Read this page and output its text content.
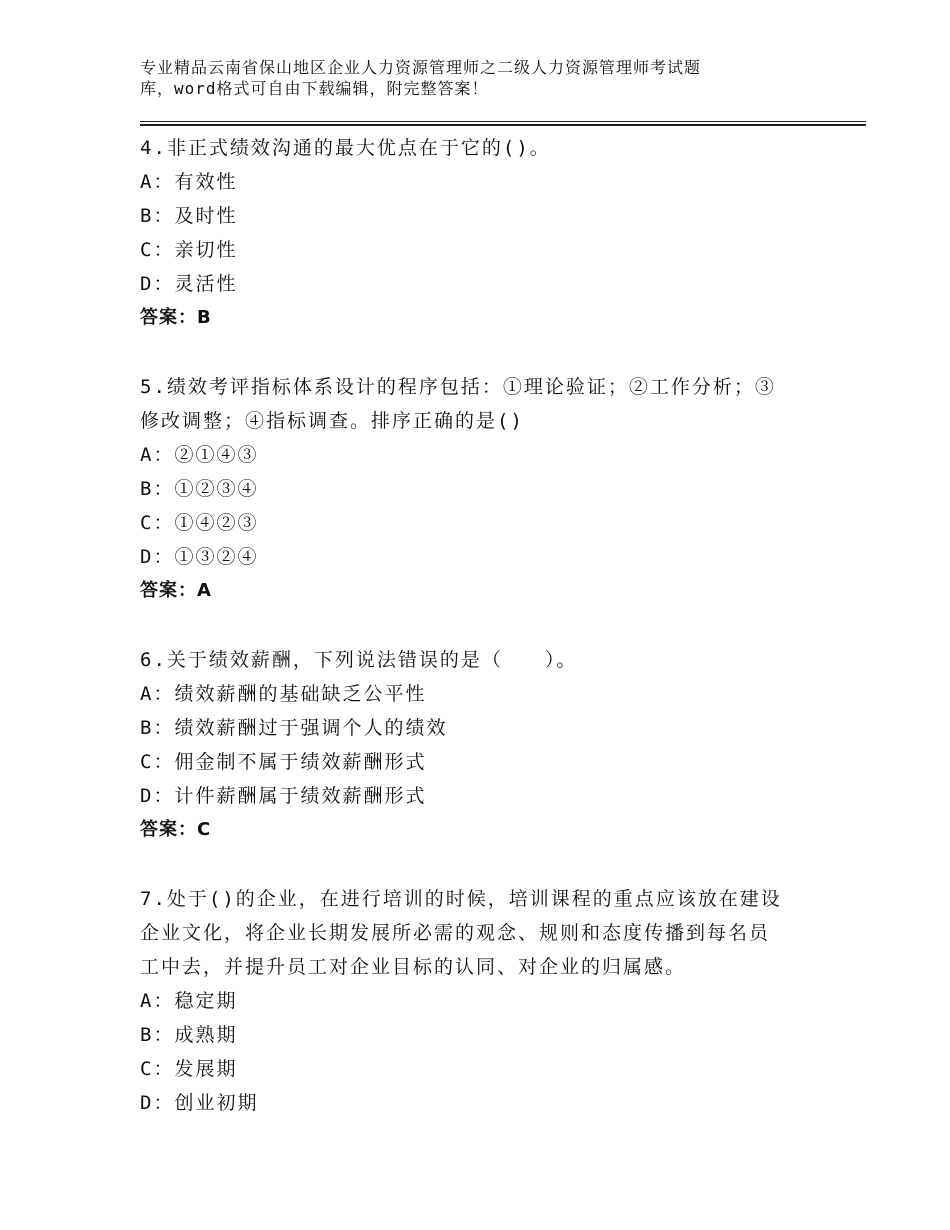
专业精品云南省保山地区企业人力资源管理师之二级人力资源管理师考试题
库，word格式可自由下载编辑，附完整答案！
4.非正式绩效沟通的最大优点在于它的()。
A：有效性
B：及时性
C：亲切性
D：灵活性
答案：B
5.绩效考评指标体系设计的程序包括：①理论验证；②工作分析；③
修改调整；④指标调查。排序正确的是()
A：②①④③
B：①②③④
C：①④②③
D：①③②④
答案：A
6.关于绩效薪酬，下列说法错误的是（　　）。
A：绩效薪酬的基础缺乏公平性
B：绩效薪酬过于强调个人的绩效
C：佣金制不属于绩效薪酬形式
D：计件薪酬属于绩效薪酬形式
答案：C
7.处于()的企业，在进行培训的时候，培训课程的重点应该放在建设
企业文化，将企业长期发展所必需的观念、规则和态度传播到每名员
工中去，并提升员工对企业目标的认同、对企业的归属感。
A：稳定期
B：成熟期
C：发展期
D：创业初期
